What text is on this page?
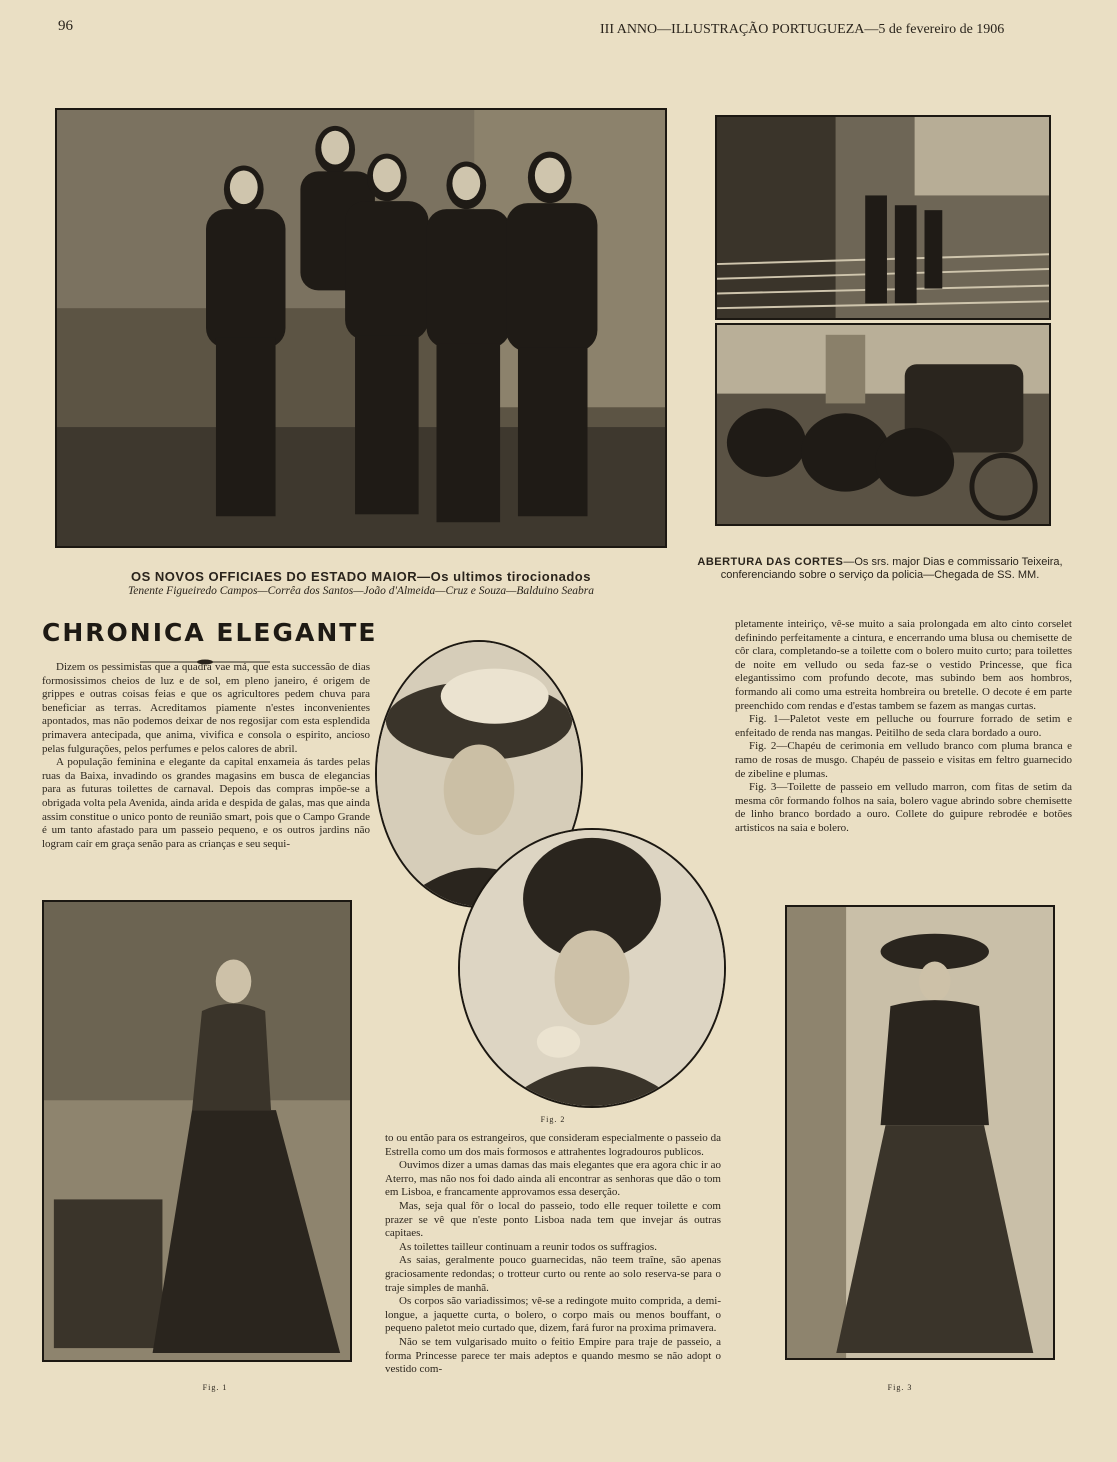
96	III ANNO—ILLUSTRAÇÃO PORTUGUEZA—5 de fevereiro de 1906
OS NOVOS OFFICIAES DO ESTADO MAIOR—Os ultimos tirocionados
Tenente Figueiredo Campos—Corrêa dos Santos—João d'Almeida—Cruz e Souza—Balduino Seabra
ABERTURA DAS CORTES—Os srs. major Dias e commissario Teixeira, conferenciando sobre o serviço da policia—Chegada de SS. MM.
CHRONICA ELEGANTE

Dizem os pessimistas que a quadra vae má, que esta successão de dias formosissimos cheios de luz e de sol, em pleno janeiro, é origem de grippes e outras coisas feias e que os agricultores pedem chuva para beneficiar as terras. Acreditamos piamente n'estes inconvenientes apontados, mas não podemos deixar de nos regosijar com esta esplendida primavera antecipada, que anima, vivifica e consola o espirito, ancioso pelas fulgurações, pelos perfumes e pelos calores de abril.

A população feminina e elegante da capital enxameia ás tardes pelas ruas da Baixa, invadindo os grandes magasins em busca de elegancias para as futuras toilettes de carnaval. Depois das compras impõe-se a obrigada volta pela Avenida, ainda arida e despida de galas, mas que ainda assim constitue o unico ponto de reunião smart, pois que o Campo Grande é um tanto afastado para um passeio pequeno, e os outros jardins não logram caír em graça senão para as crianças e seu sequi-

Fig. 1
Fig. 2

to ou então para os estrangeiros, que consideram especialmente o passeio da Estrella como um dos mais formosos e attrahentes logradouros publicos.

Ouvimos dizer a umas damas das mais elegantes que era agora chic ir ao Aterro, mas não nos foi dado ainda ali encontrar as senhoras que dão o tom em Lisboa, e francamente approvamos essa deserção.

Mas, seja qual fôr o local do passeio, todo elle requer toilette e com prazer se vê que n'este ponto Lisboa nada tem que invejar ás outras capitaes.

As toilettes tailleur continuam a reunir todos os suffragios.

As saias, geralmente pouco guarnecidas, não teem traîne, são apenas graciosamente redondas; o trotteur curto ou rente ao solo reserva-se para o traje simples de manhã.

Os corpos são variadissimos; vê-se a redingote muito comprida, a demi-longue, a jaquette curta, o bolero, o corpo mais ou menos bouffant, o pequeno paletot meio curtado que, dizem, fará furor na proxima primavera.

Não se tem vulgarisado muito o feitio Empire para traje de passeio, a forma Princesse parece ter mais adeptos e quando mesmo se não adopt o vestido com-

pletamente inteiriço, vê-se muito a saia prolongada em alto cinto corselet definindo perfeitamente a cintura, e encerrando uma blusa ou chemisette de côr clara, completando-se a toilette com o bolero muito curto; para toilettes de noite em velludo ou seda faz-se o vestido Princesse, que fica elegantissimo com profundo decote, mas subindo bem aos hombros, formando ali como uma estreita hombreira ou bretelle. O decote é em parte preenchido com rendas e d'estas tambem se fazem as mangas curtas.

Fig. 1—Paletot veste em pelluche ou fourrure forrado de setim e enfeitado de renda nas mangas. Peitilho de seda clara bordado a ouro.

Fig. 2—Chapéu de cerimonia em velludo branco com pluma branca e ramo de rosas de musgo. Chapéu de passeio e visitas em feltro guarnecido de zibeline e plumas.

Fig. 3—Toilette de passeio em velludo marron, com fitas de setim da mesma côr formando folhos na saia, bolero vague abrindo sobre chemisette de linho branco bordado a ouro. Collete do guipure rebrodée e botões artisticos na saia e bolero.

Fig. 3
